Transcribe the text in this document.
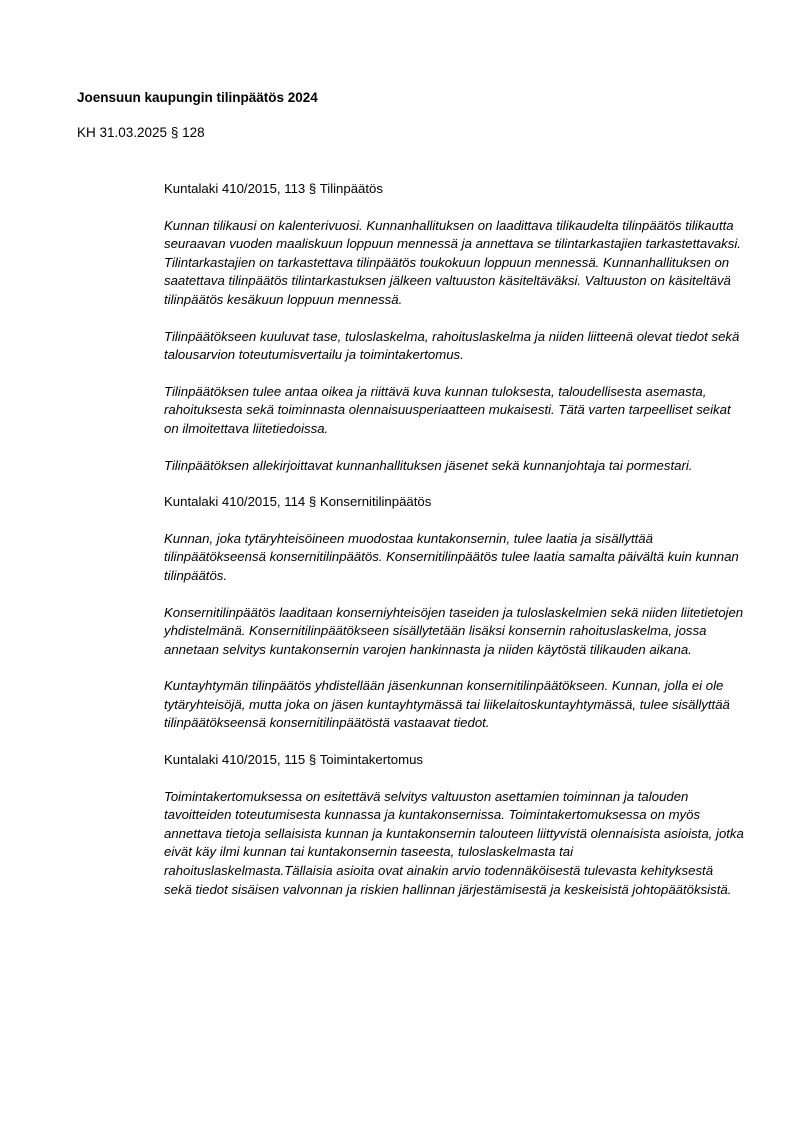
Joensuun kaupungin tilinpäätös 2024

KH 31.03.2025 § 128

Kuntalaki 410/2015, 113 § Tilinpäätös

Kunnan tilikausi on kalenterivuosi. Kunnanhallituksen on laadittava tilikaudelta tilinpäätös tilikautta seuraavan vuoden maaliskuun loppuun mennessä ja annettava se tilintarkastajien tarkastettavaksi. Tilintarkastajien on tarkastettava tilinpäätös toukokuun loppuun mennessä. Kunnanhallituksen on saatettava tilinpäätös tilintarkastuksen jälkeen valtuuston käsiteltäväksi. Valtuuston on käsiteltävä tilinpäätös kesäkuun loppuun mennessä.

Tilinpäätökseen kuuluvat tase, tuloslaskelma, rahoituslaskelma ja niiden liitteenä olevat tiedot sekä talousarvion toteutumisvertailu ja toimintakertomus.

Tilinpäätöksen tulee antaa oikea ja riittävä kuva kunnan tuloksesta, taloudellisesta asemasta, rahoituksesta sekä toiminnasta olennaisuusperiaatteen mukaisesti. Tätä varten tarpeelliset seikat on ilmoitettava liitetiedoissa.

Tilinpäätöksen allekirjoittavat kunnanhallituksen jäsenet sekä kunnanjohtaja tai pormestari.

Kuntalaki 410/2015, 114 § Konsernitilinpäätös

Kunnan, joka tytäryhteisöineen muodostaa kuntakonsernin, tulee laatia ja sisällyttää tilinpäätökseensä konsernitilinpäätös. Konsernitilinpäätös tulee laatia samalta päivältä kuin kunnan tilinpäätös.

Konsernitilinpäätös laaditaan konserniyhteisöjen taseiden ja tuloslaskelmien sekä niiden liitetietojen yhdistelmänä. Konsernitilinpäätökseen sisällytetään lisäksi konsernin rahoituslaskelma, jossa annetaan selvitys kuntakonsernin varojen hankinnasta ja niiden käytöstä tilikauden aikana.

Kuntayhtymän tilinpäätös yhdistellään jäsenkunnan konsernitilinpäätökseen. Kunnan, jolla ei ole tytäryhteisöjä, mutta joka on jäsen kuntayhtymässä tai liikelaitoskuntayhtymässä, tulee sisällyttää tilinpäätökseensä konsernitilinpäätöstä vastaavat tiedot.

Kuntalaki 410/2015, 115 § Toimintakertomus

Toimintakertomuksessa on esitettävä selvitys valtuuston asettamien toiminnan ja talouden tavoitteiden toteutumisesta kunnassa ja kuntakonsernissa. Toimintakertomuksessa on myös annettava tietoja sellaisista kunnan ja kuntakonsernin talouteen liittyvistä olennaisista asioista, jotka eivät käy ilmi kunnan tai kuntakonsernin taseesta, tuloslaskelmasta tai rahoituslaskelmasta.Tällaisia asioita ovat ainakin arvio todennäköisestä tulevasta kehityksestä sekä tiedot sisäisen valvonnan ja riskien hallinnan järjestämisestä ja keskeisistä johtopäätöksistä.
